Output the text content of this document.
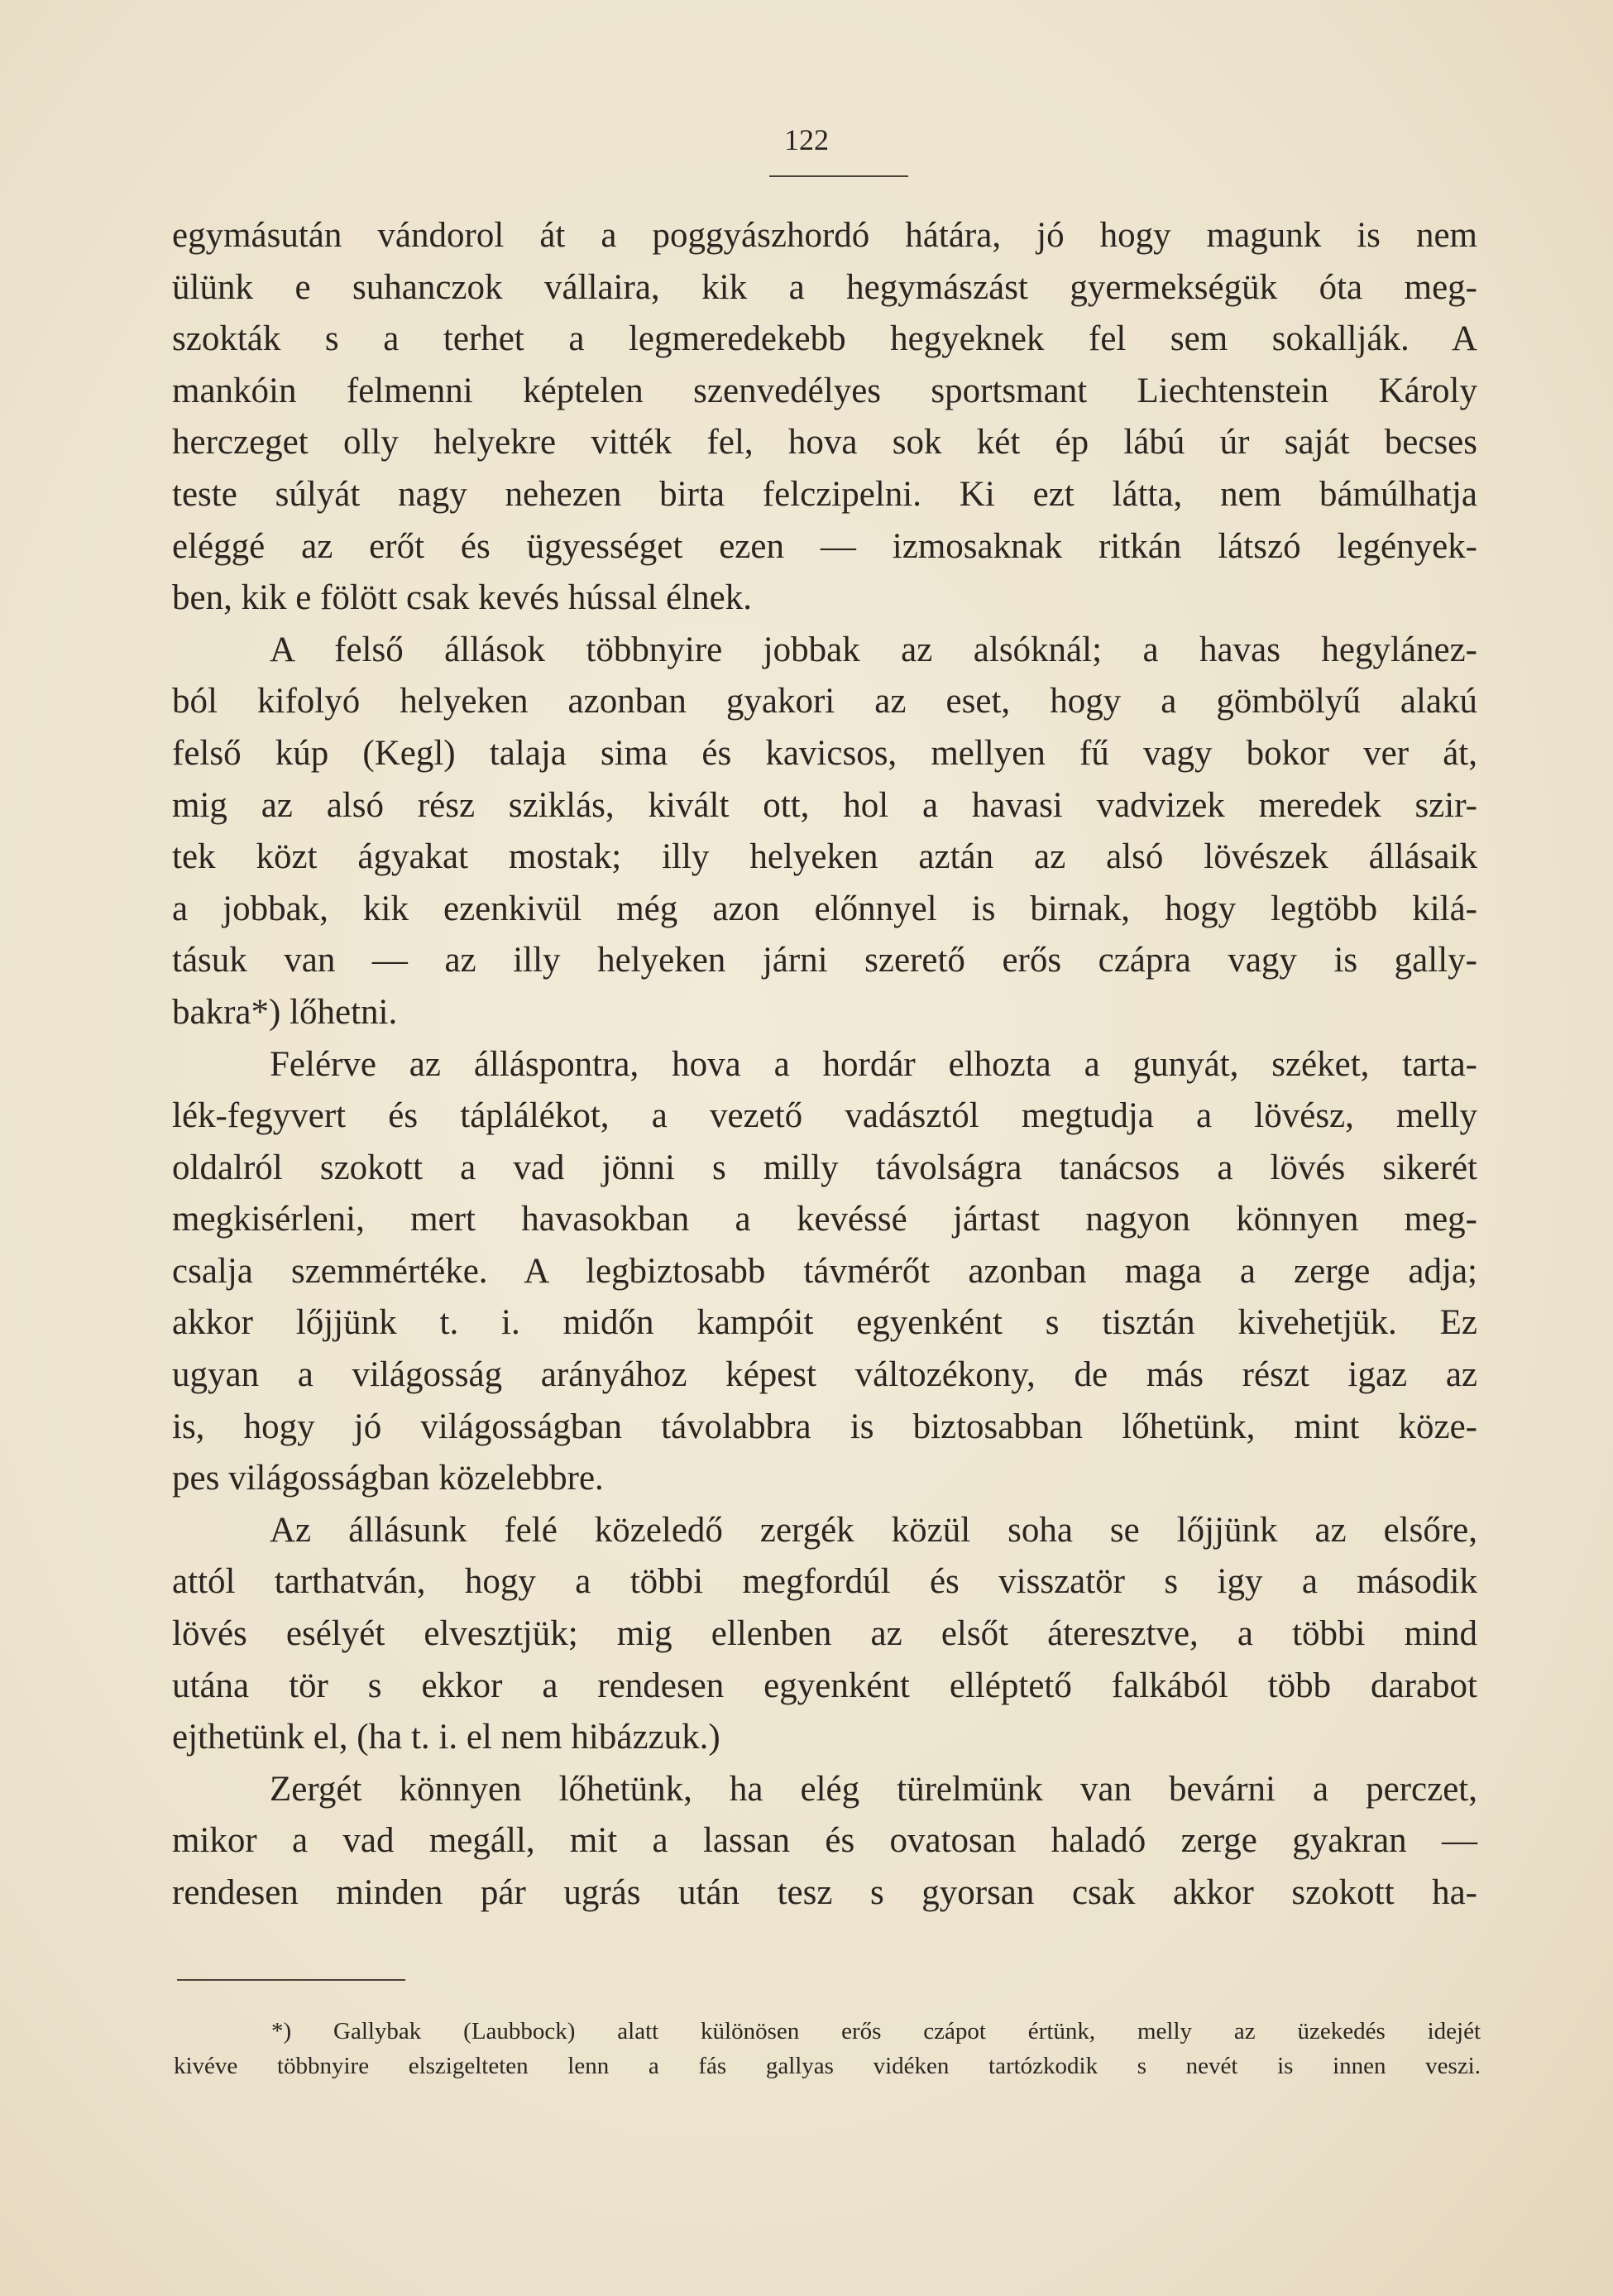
122
egymásután vándorol át a poggyászhordó hátára, jó hogy magunk is nem
ülünk e suhanczok vállaira, kik a hegymászást gyermekségük óta meg-
szokták s a terhet a legmeredekebb hegyeknek fel sem sokallják. A
mankóin felmenni képtelen szenvedélyes sportsmant Liechtenstein Károly
herczeget olly helyekre vitték fel, hova sok két ép lábú úr saját becses
teste súlyát nagy nehezen birta felczipelni. Ki ezt látta, nem bámúlhatja
eléggé az erőt és ügyességet ezen — izmosaknak ritkán látszó legények-
ben, kik e fölött csak kevés hússal élnek.
A felső állások többnyire jobbak az alsóknál; a havas hegylánez-
ból kifolyó helyeken azonban gyakori az eset, hogy a gömbölyű alakú
felső kúp (Kegl) talaja sima és kavicsos, mellyen fű vagy bokor ver át,
mig az alsó rész sziklás, kivált ott, hol a havasi vadvizek meredek szir-
tek közt ágyakat mostak; illy helyeken aztán az alsó lövészek állásaik
a jobbak, kik ezenkivül még azon előnnyel is birnak, hogy legtöbb kilá-
tásuk van — az illy helyeken járni szerető erős czápra vagy is gally-
bakra*) lőhetni.
Felérve az álláspontra, hova a hordár elhozta a gunyát, széket, tarta-
lék-fegyvert és táplálékot, a vezető vadásztól megtudja a lövész, melly
oldalról szokott a vad jönni s milly távolságra tanácsos a lövés sikerét
megkisérleni, mert havasokban a kevéssé jártast nagyon könnyen meg-
csalja szemmértéke. A legbiztosabb távmérőt azonban maga a zerge adja;
akkor lőjjünk t. i. midőn kampóit egyenként s tisztán kivehetjük. Ez
ugyan a világosság arányához képest változékony, de más részt igaz az
is, hogy jó világosságban távolabbra is biztosabban lőhetünk, mint köze-
pes világosságban közelebbre.
Az állásunk felé közeledő zergék közül soha se lőjjünk az elsőre,
attól tarthatván, hogy a többi megfordúl és visszatör s igy a második
lövés esélyét elvesztjük; mig ellenben az elsőt áteresztve, a többi mind
utána tör s ekkor a rendesen egyenként elléptető falkából több darabot
ejthetünk el, (ha t. i. el nem hibázzuk.)
Zergét könnyen lőhetünk, ha elég türelmünk van bevárni a perczet,
mikor a vad megáll, mit a lassan és ovatosan haladó zerge gyakran —
rendesen minden pár ugrás után tesz s gyorsan csak akkor szokott ha-
*) Gallybak (Laubbock) alatt különösen erős czápot értünk, melly az üzekedés idejét
kivéve többnyire elszigelteten lenn a fás gallyas vidéken tartózkodik s nevét is innen veszi.
